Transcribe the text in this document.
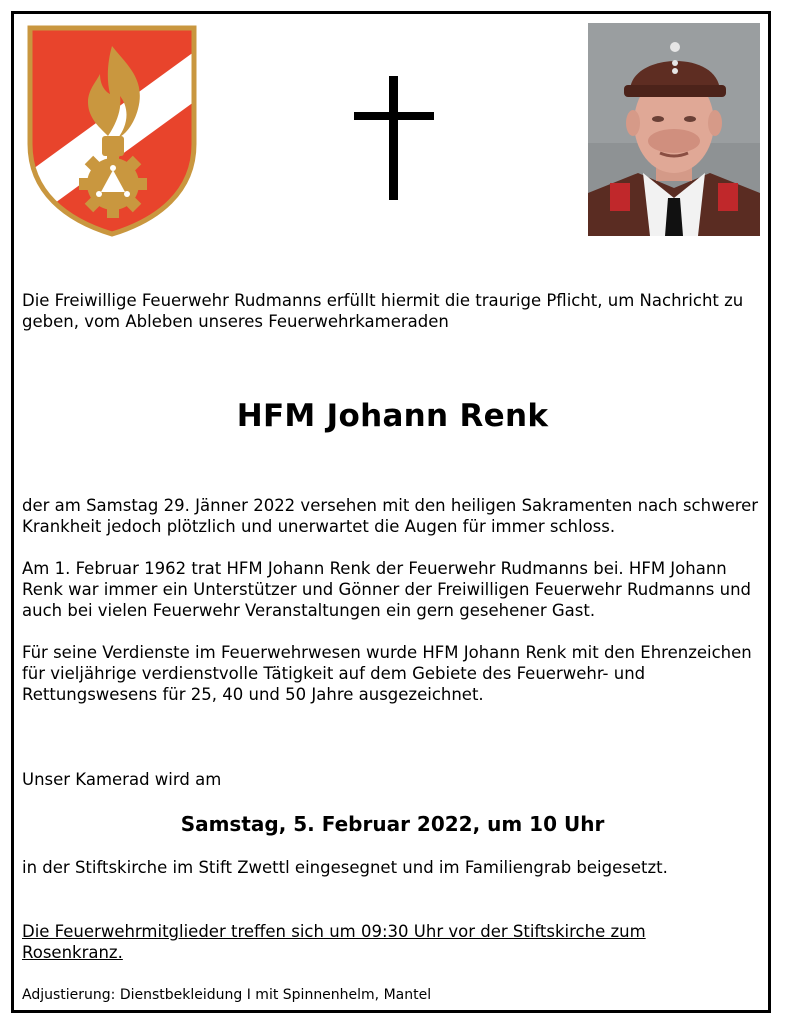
Die Freiwillige Feuerwehr Rudmanns erfüllt hiermit die traurige Pflicht, um Nachricht zu geben, vom Ableben unseres Feuerwehrkameraden
HFM Johann Renk

der am Samstag 29. Jänner 2022 versehen mit den heiligen Sakramenten nach schwerer Krankheit jedoch plötzlich und unerwartet die Augen für immer schloss.

Am 1. Februar 1962 trat HFM Johann Renk der Feuerwehr Rudmanns bei. HFM Johann Renk war immer ein Unterstützer und Gönner der Freiwilligen Feuerwehr Rudmanns und auch bei vielen Feuerwehr Veranstaltungen ein gern gesehener Gast.

Für seine Verdienste im Feuerwehrwesen wurde HFM Johann Renk mit den Ehrenzeichen für vieljährige verdienstvolle Tätigkeit auf dem Gebiete des Feuerwehr- und Rettungswesens für 25, 40 und 50 Jahre ausgezeichnet.

Unser Kamerad wird am
Samstag, 5. Februar 2022, um 10 Uhr
in der Stiftskirche im Stift Zwettl eingesegnet und im Familiengrab beigesetzt.
Die Feuerwehrmitglieder treffen sich um 09:30 Uhr vor der Stiftskirche zum Rosenkranz.
Adjustierung: Dienstbekleidung I mit Spinnenhelm, Mantel
